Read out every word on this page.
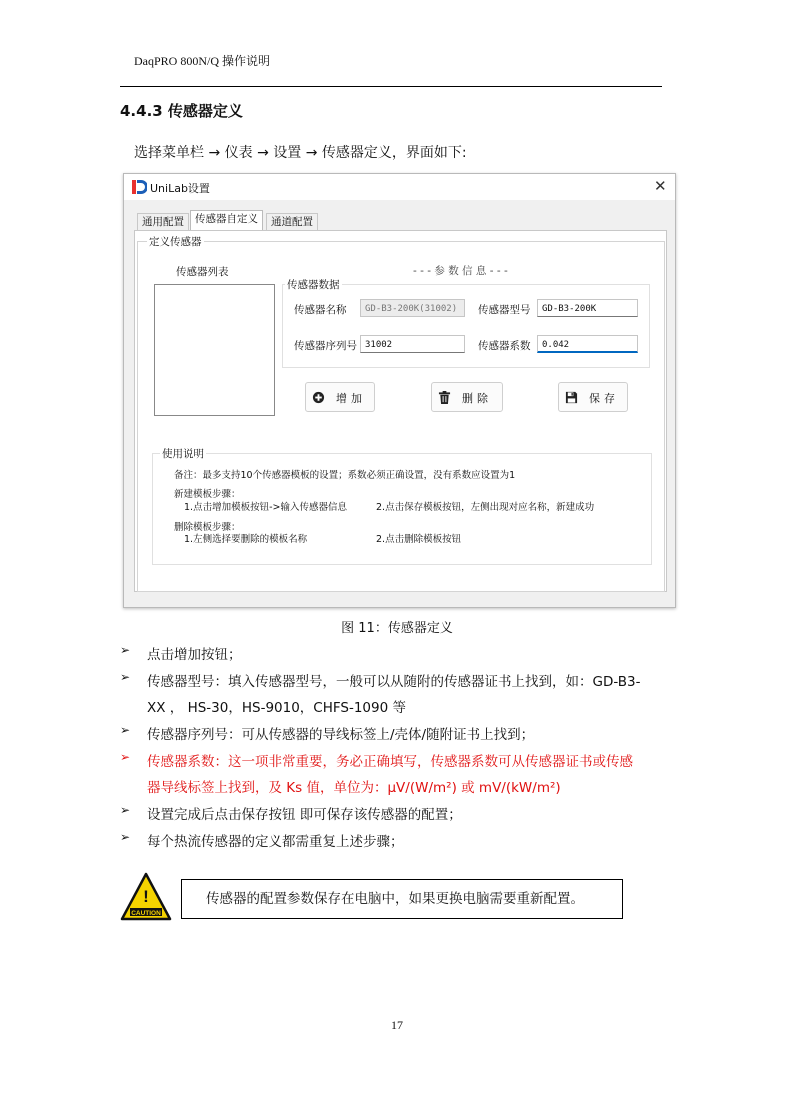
DaqPRO 800N/Q 操作说明
4.4.3 传感器定义
选择菜单栏 → 仪表 → 设置 → 传感器定义，界面如下:
UniLab设置	✕
通用配置	传感器自定义	通道配置
定义传感器
传感器列表	- - - 参 数 信 息 - - -
传感器数据
传感器名称	GD-B3-200K(31002)	传感器型号	GD-B3-200K
传感器序列号 31002	传感器系数	0.042
增加	删除	保存
使用说明
备注：最多支持10个传感器模板的设置；系数必须正确设置，没有系数应设置为1
新建模板步骤：
1.点击增加模板按钮->输入传感器信息	2.点击保存模板按钮，左侧出现对应名称，新建成功
删除模板步骤：
1.左侧选择要删除的模板名称	2.点击删除模板按钮
图 11：传感器定义
➢ 点击增加按钮；
➢ 传感器型号：填入传感器型号，一般可以从随附的传感器证书上找到，如：GD-B3-
XX ， HS-30，HS-9010，CHFS-1090 等
➢ 传感器序列号：可从传感器的导线标签上/壳体/随附证书上找到；
➢ 传感器系数：这一项非常重要，务必正确填写，传感器系数可从传感器证书或传感
器导线标签上找到，及 Ks 值，单位为：μV/(W/m²) 或 mV/(kW/m²)
➢ 设置完成后点击保存按钮 即可保存该传感器的配置；
➢ 每个热流传感器的定义都需重复上述步骤；
!
CAUTION
传感器的配置参数保存在电脑中，如果更换电脑需要重新配置。
17
